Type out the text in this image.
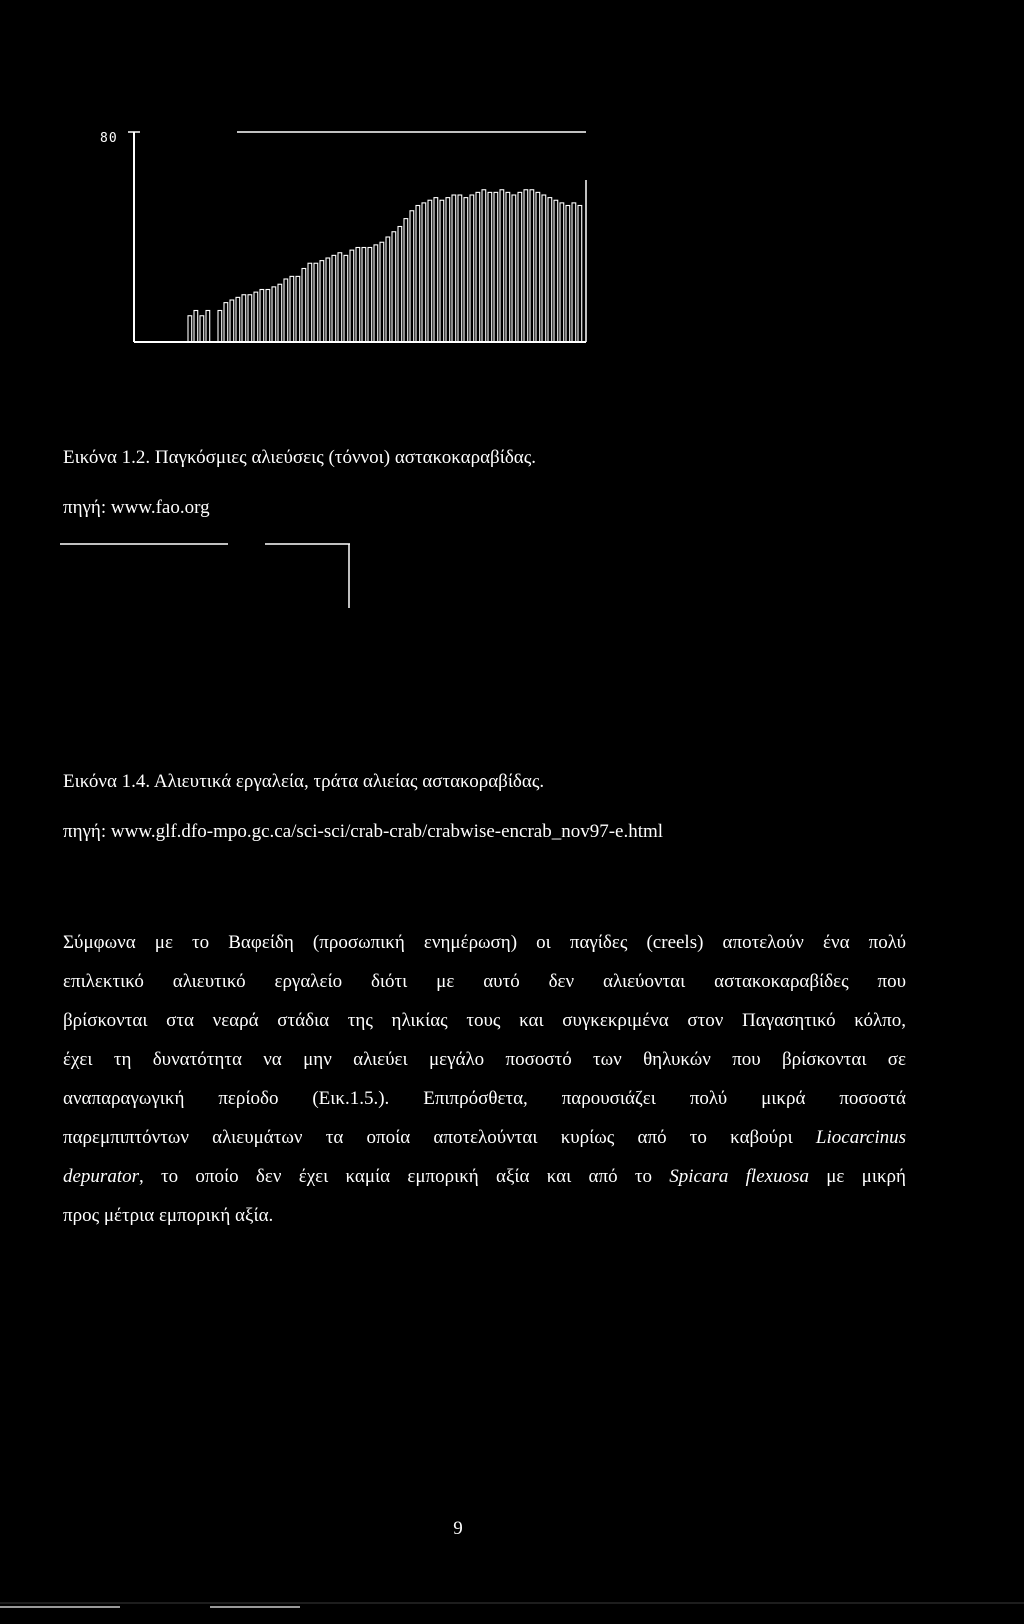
80
Εικόνα 1.2. Παγκόσμιες αλιεύσεις (τόννοι) αστακοκαραβίδας.
πηγή: www.fao.org
Εικόνα 1.4. Αλιευτικά εργαλεία, τράτα αλιείας αστακοραβίδας.
πηγή: www.glf.dfo-mpo.gc.ca/sci-sci/crab-crab/crabwise-encrab_nov97-e.html
Σύμφωνα με το Βαφείδη (προσωπική ενημέρωση) οι παγίδες (creels) αποτελούν ένα πολύ
επιλεκτικό αλιευτικό εργαλείο διότι με αυτό δεν αλιεύονται αστακοκαραβίδες που
βρίσκονται στα νεαρά στάδια της ηλικίας τους και συγκεκριμένα στον Παγασητικό κόλπο,
έχει τη δυνατότητα να μην αλιεύει μεγάλο ποσοστό των θηλυκών που βρίσκονται σε
αναπαραγωγική περίοδο (Εικ.1.5.). Επιπρόσθετα, παρουσιάζει πολύ μικρά ποσοστά
παρεμπιπτόντων αλιευμάτων τα οποία αποτελούνται κυρίως από το καβούρι Liocarcinus
depurator, το οποίο δεν έχει καμία εμπορική αξία και από το Spicara flexuosa με μικρή
προς μέτρια εμπορική αξία.
9
